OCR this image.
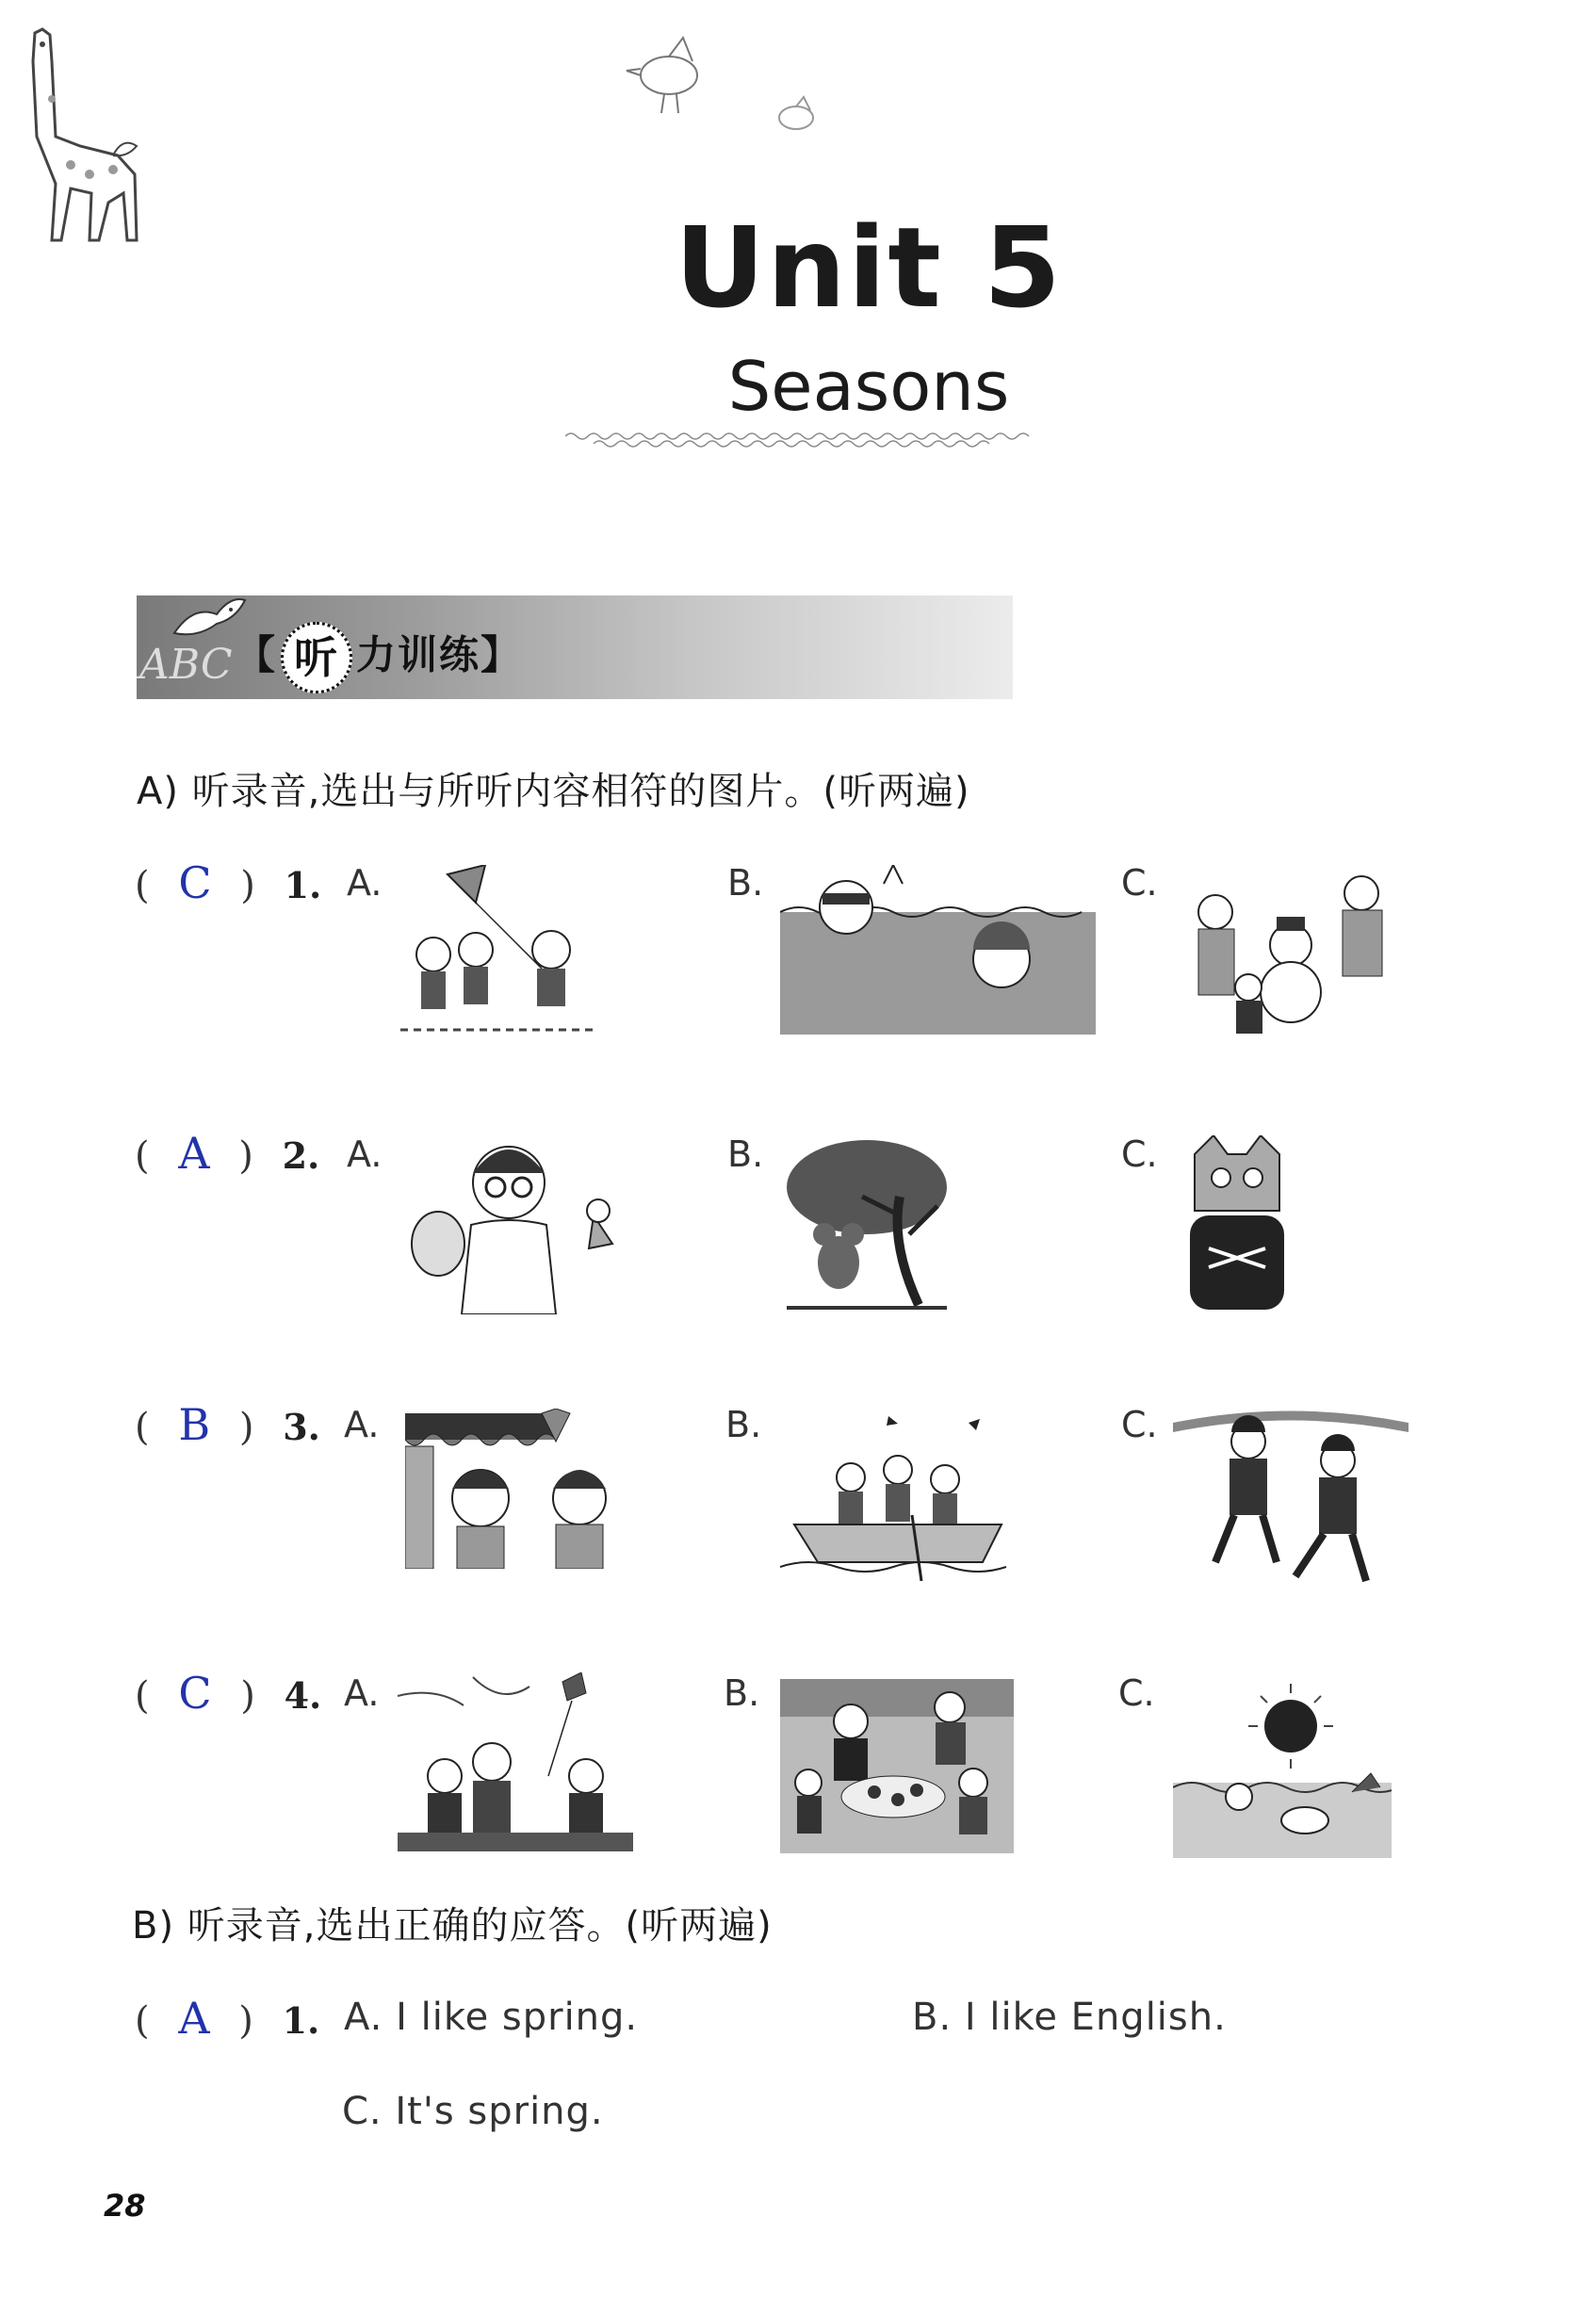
Unit 5
Seasons
ABC 【 听 力训练】
A) 听录音,选出与所听内容相符的图片。(听两遍)
( C ) 1. A.	B.	C.
( A ) 2. A.	B.	C.
( B ) 3. A.	B.	C.
( C ) 4. A.	B.	C.
B) 听录音,选出正确的应答。(听两遍)
( A ) 1. A. I like spring.	B. I like English.
C. It's spring.
28
